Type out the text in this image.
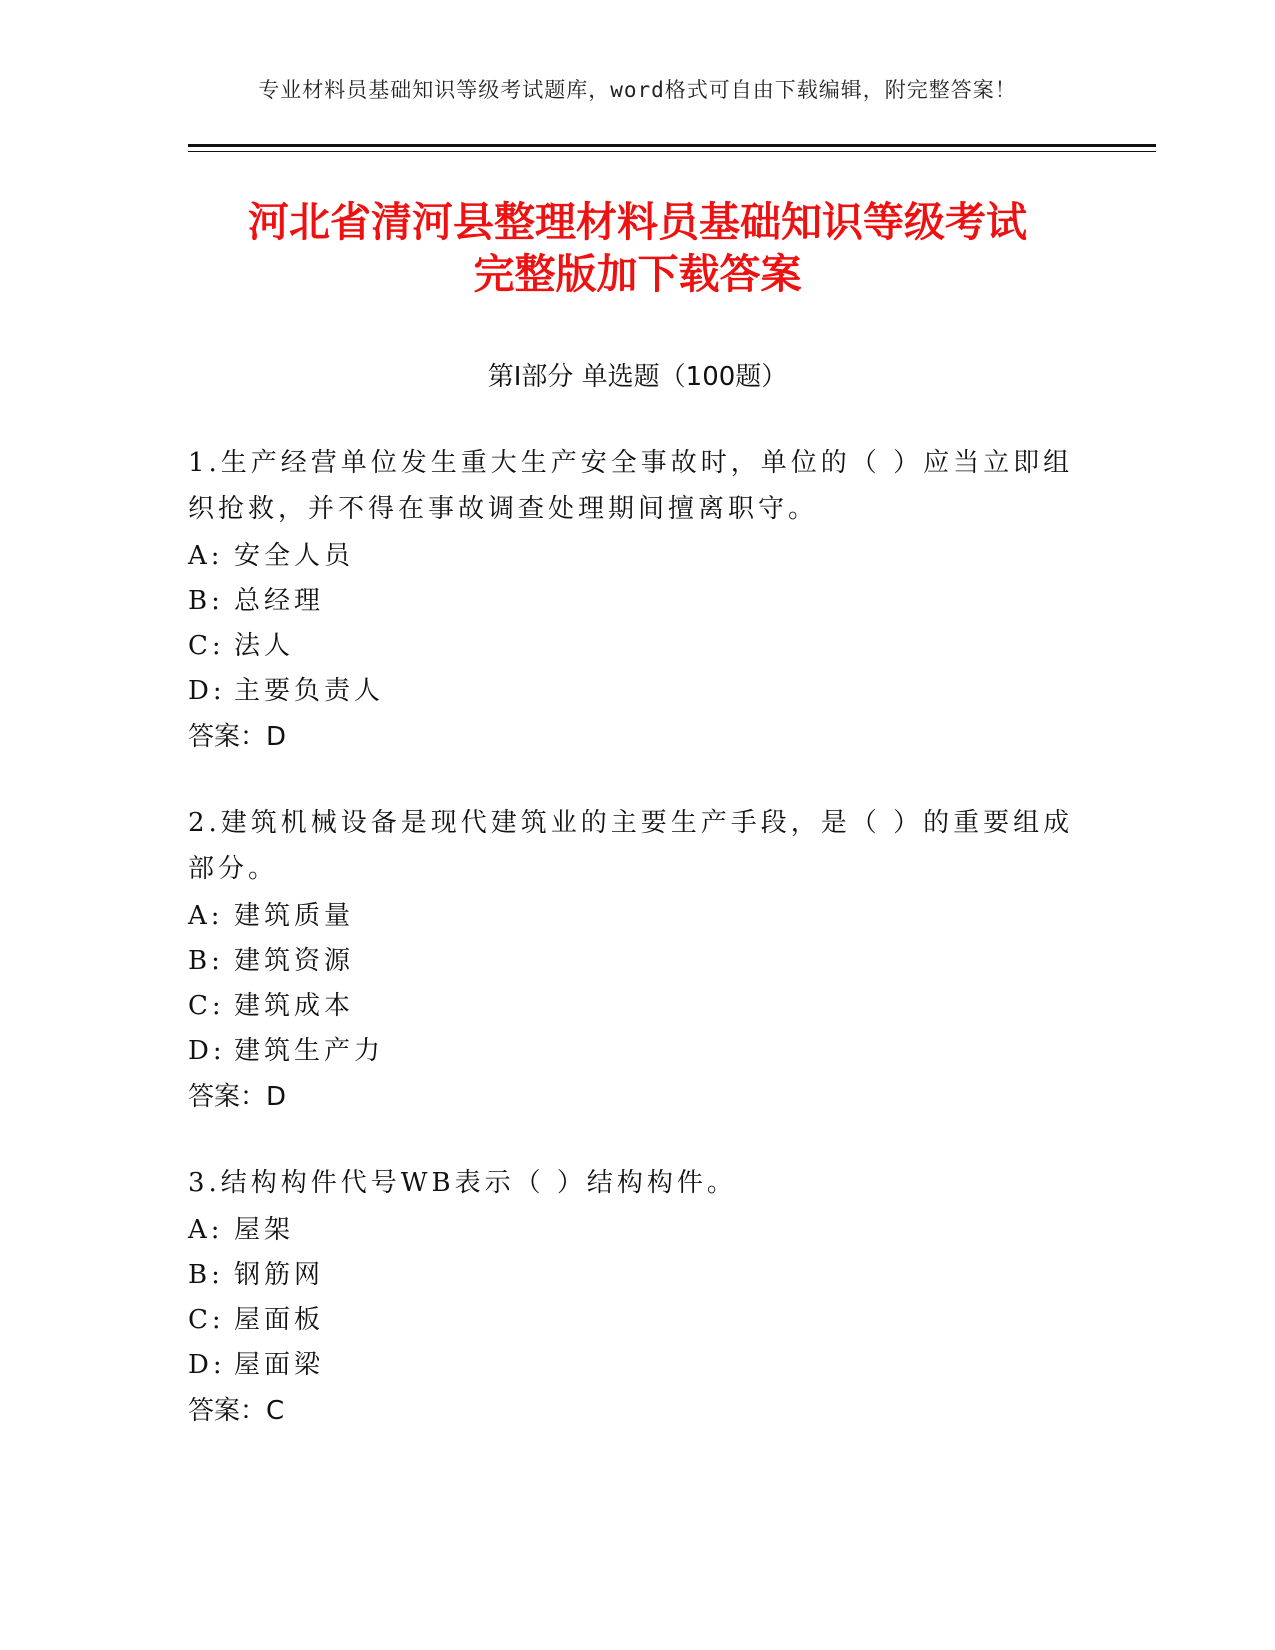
专业材料员基础知识等级考试题库，word格式可自由下载编辑，附完整答案！
河北省清河县整理材料员基础知识等级考试
完整版加下载答案
第Ⅰ部分 单选题（100题）
1.生产经营单位发生重大生产安全事故时，单位的（ ）应当立即组织抢救，并不得在事故调查处理期间擅离职守。
A: 安全人员
B: 总经理
C: 法人
D: 主要负责人
答案：D
2.建筑机械设备是现代建筑业的主要生产手段，是（ ）的重要组成部分。
A: 建筑质量
B: 建筑资源
C: 建筑成本
D: 建筑生产力
答案：D
3.结构构件代号WB表示（ ）结构构件。
A: 屋架
B: 钢筋网
C: 屋面板
D: 屋面梁
答案：C
